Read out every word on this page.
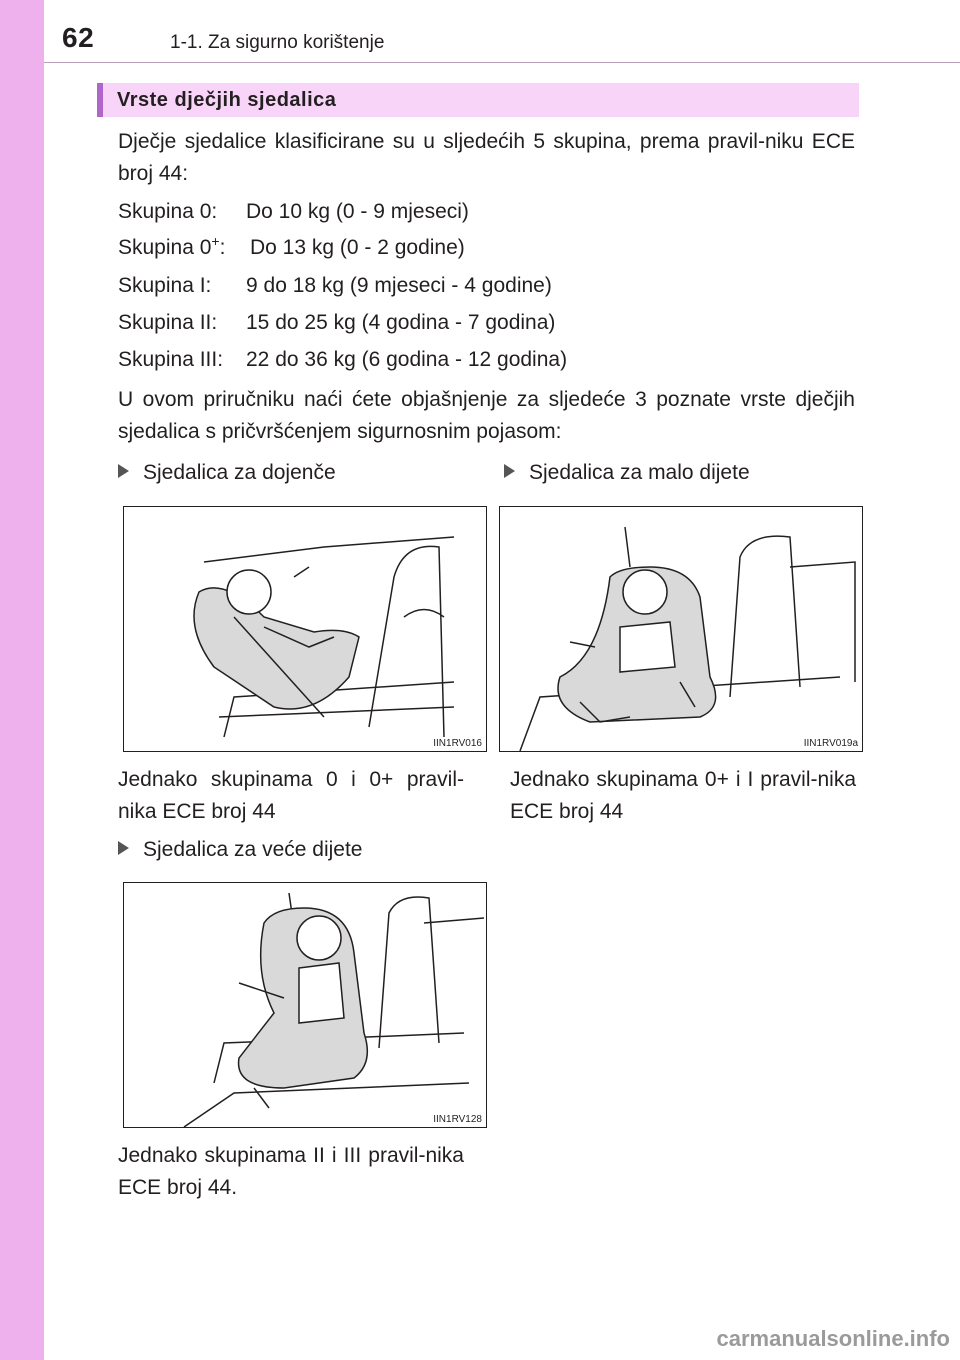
62	1-1. Za sigurno korištenje
Vrste dječjih sjedalica
Dječje sjedalice klasificirane su u sljedećih 5 skupina, prema pravil-niku ECE broj 44:
Skupina 0: Do 10 kg (0 - 9 mjeseci)
Skupina 0+: Do 13 kg (0 - 2 godine)
Skupina I: 9 do 18 kg (9 mjeseci - 4 godine)
Skupina II: 15 do 25 kg (4 godina - 7 godina)
Skupina III: 22 do 36 kg (6 godina - 12 godina)
U ovom priručniku naći ćete objašnjenje za sljedeće 3 poznate vrste dječjih sjedalica s pričvršćenjem sigurnosnim pojasom:
Sjedalica za dojenče
IIN1RV016
Jednako skupinama 0 i 0+ pravil-nika ECE broj 44
Sjedalica za malo dijete
IIN1RV019a
Jednako skupinama 0+ i I pravil-nika ECE broj 44
Sjedalica za veće dijete
IIN1RV128
Jednako skupinama II i III pravil-nika ECE broj 44.
carmanualsonline.info
